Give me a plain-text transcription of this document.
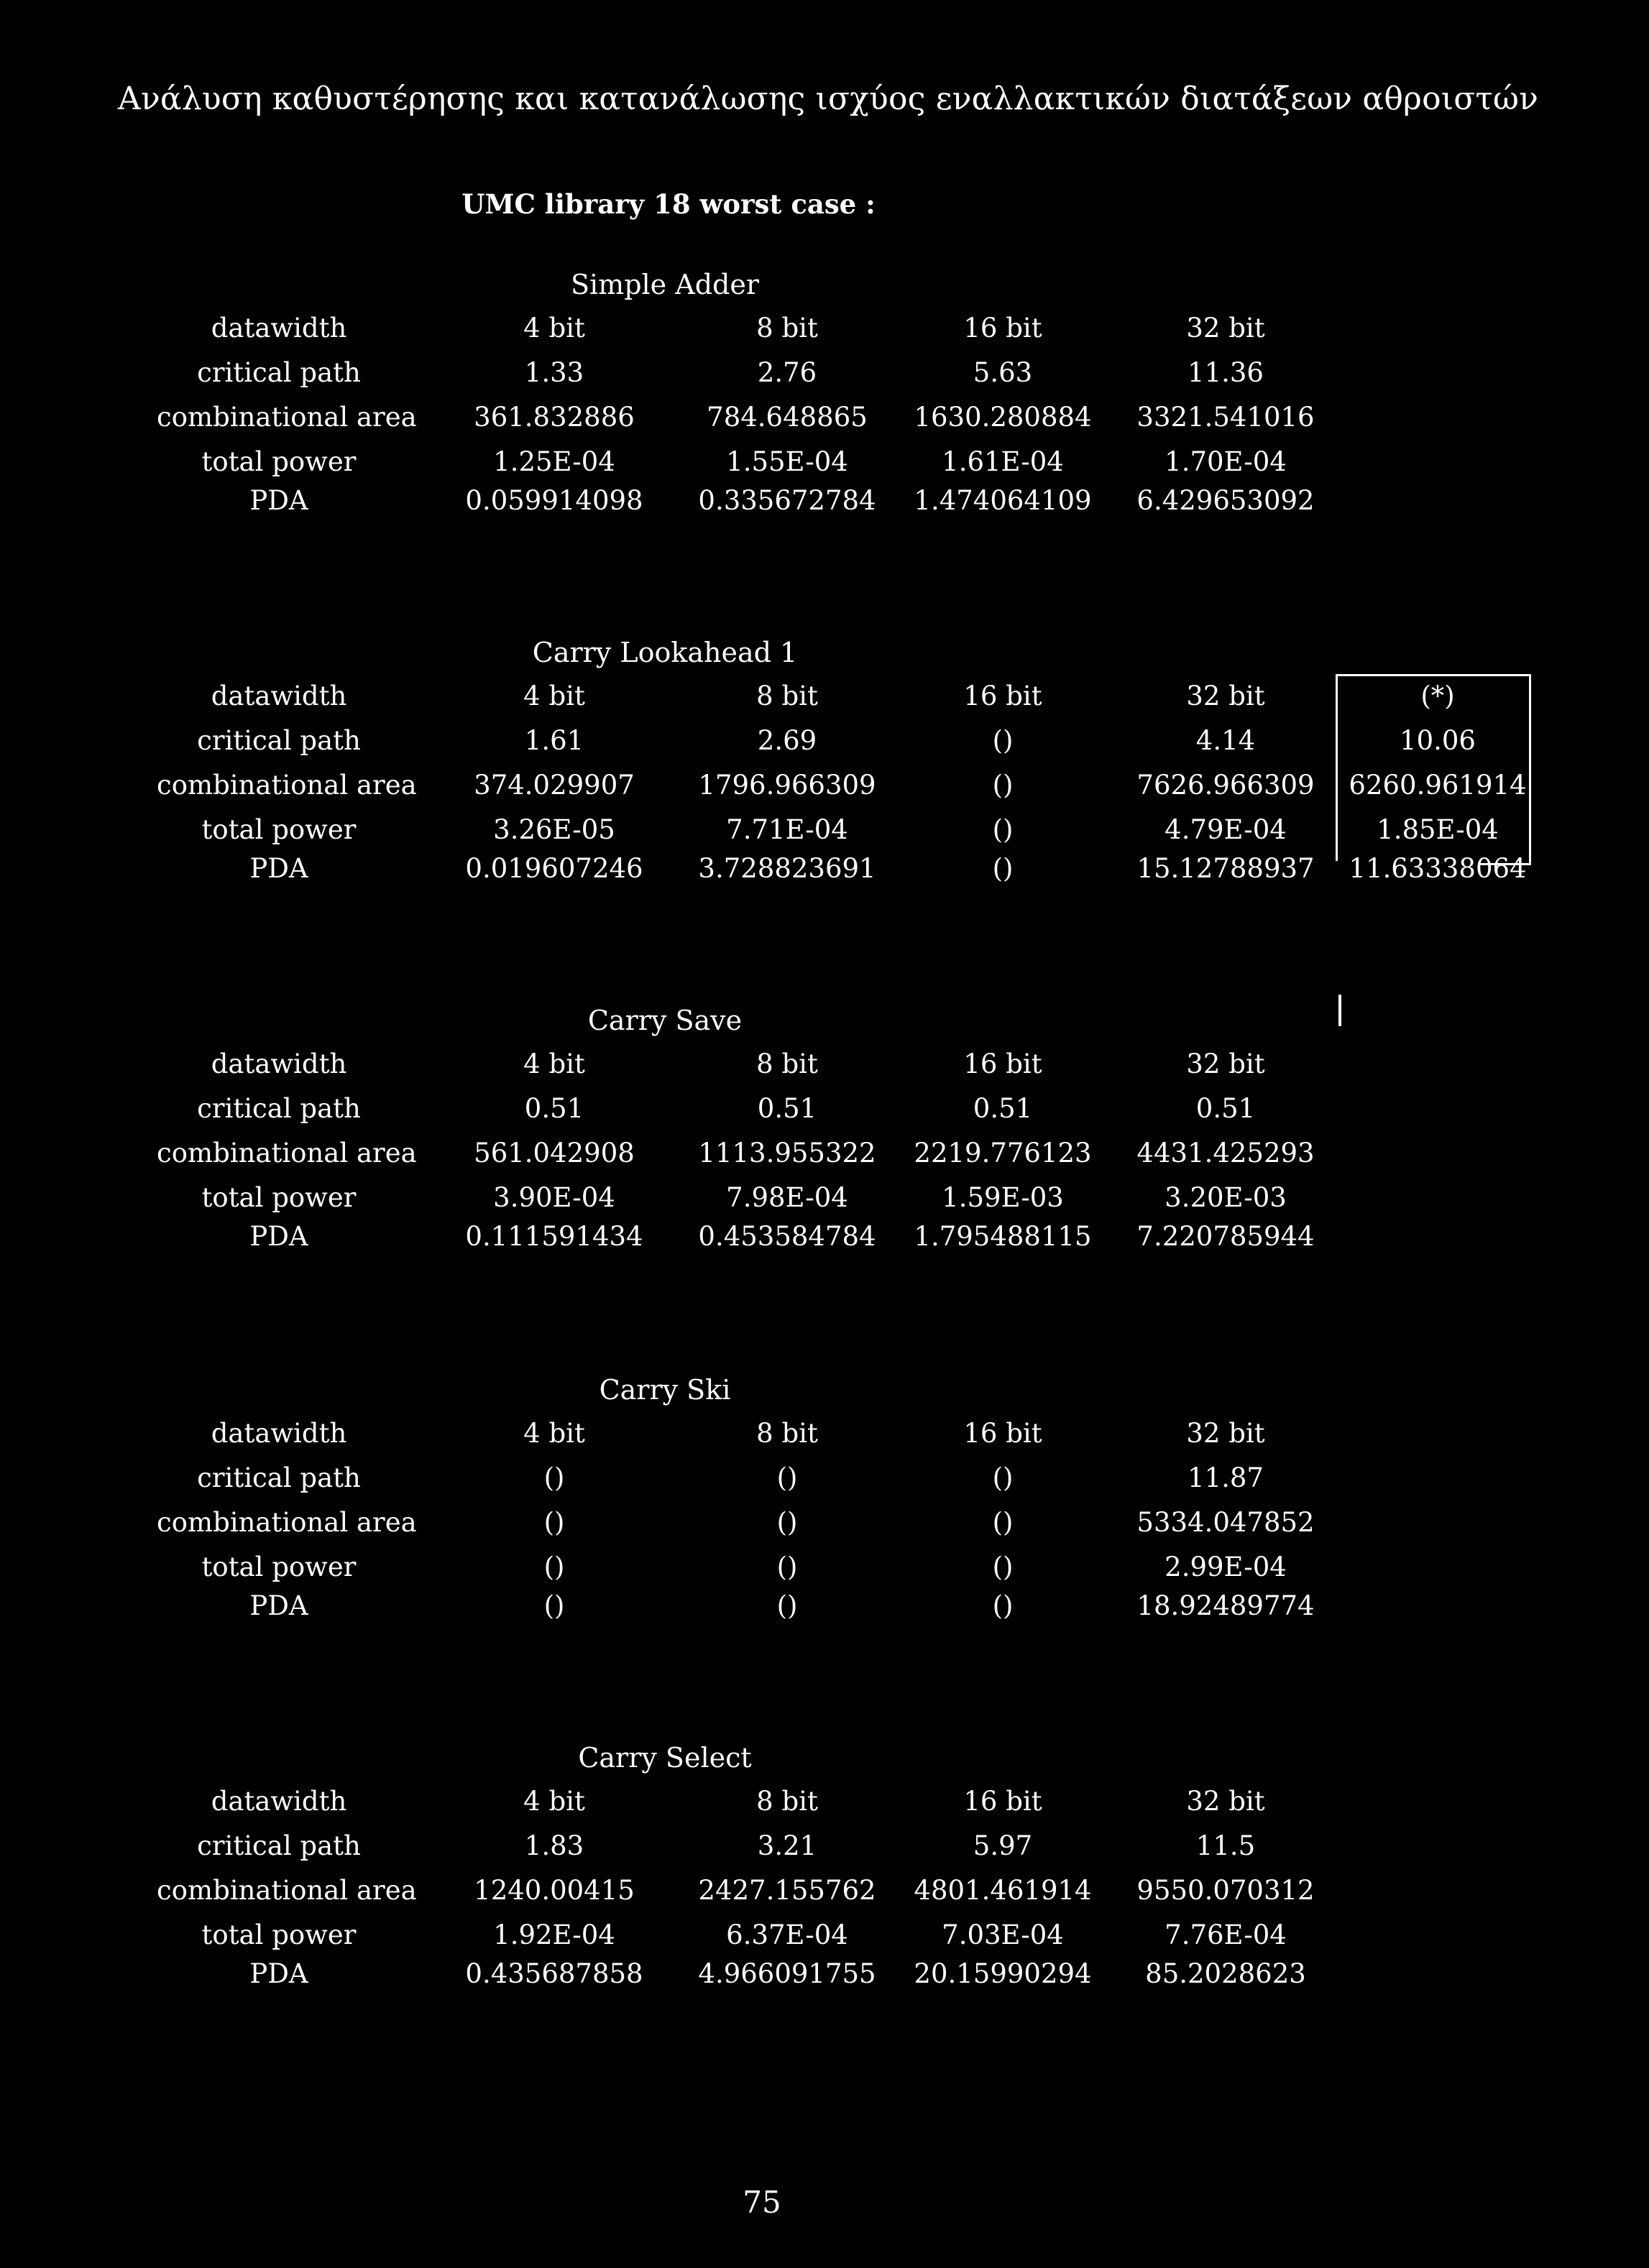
Ανάλυση καθυστέρησης και κατανάλωσης ισχύος εναλλακτικών διατάξεων αθροιστών
UMC library 18 worst case :
Simple Adder
datawidth	4 bit	8 bit	16 bit	32 bit
critical path	1.33	2.76	5.63	11.36
combinational area	361.832886	784.648865	1630.280884	3321.541016
total power	1.25E-04	1.55E-04	1.61E-04	1.70E-04
PDA	0.059914098	0.335672784	1.474064109	6.429653092
Carry Lookahead 1
datawidth	4 bit	8 bit	16 bit	32 bit	(*)
critical path	1.61	2.69	()	4.14	10.06
combinational area	374.029907	1796.966309	()	7626.966309	6260.961914
total power	3.26E-05	7.71E-04	()	4.79E-04	1.85E-04
PDA	0.019607246	3.728823691	()	15.12788937	11.63338064
Carry Save
datawidth	4 bit	8 bit	16 bit	32 bit
critical path	0.51	0.51	0.51	0.51
combinational area	561.042908	1113.955322	2219.776123	4431.425293
total power	3.90E-04	7.98E-04	1.59E-03	3.20E-03
PDA	0.111591434	0.453584784	1.795488115	7.220785944
Carry Ski
datawidth	4 bit	8 bit	16 bit	32 bit
critical path	()	()	()	11.87
combinational area	()	()	()	5334.047852
total power	()	()	()	2.99E-04
PDA	()	()	()	18.92489774
Carry Select
datawidth	4 bit	8 bit	16 bit	32 bit
critical path	1.83	3.21	5.97	11.5
combinational area	1240.00415	2427.155762	4801.461914	9550.070312
total power	1.92E-04	6.37E-04	7.03E-04	7.76E-04
PDA	0.435687858	4.966091755	20.15990294	85.2028623
75
